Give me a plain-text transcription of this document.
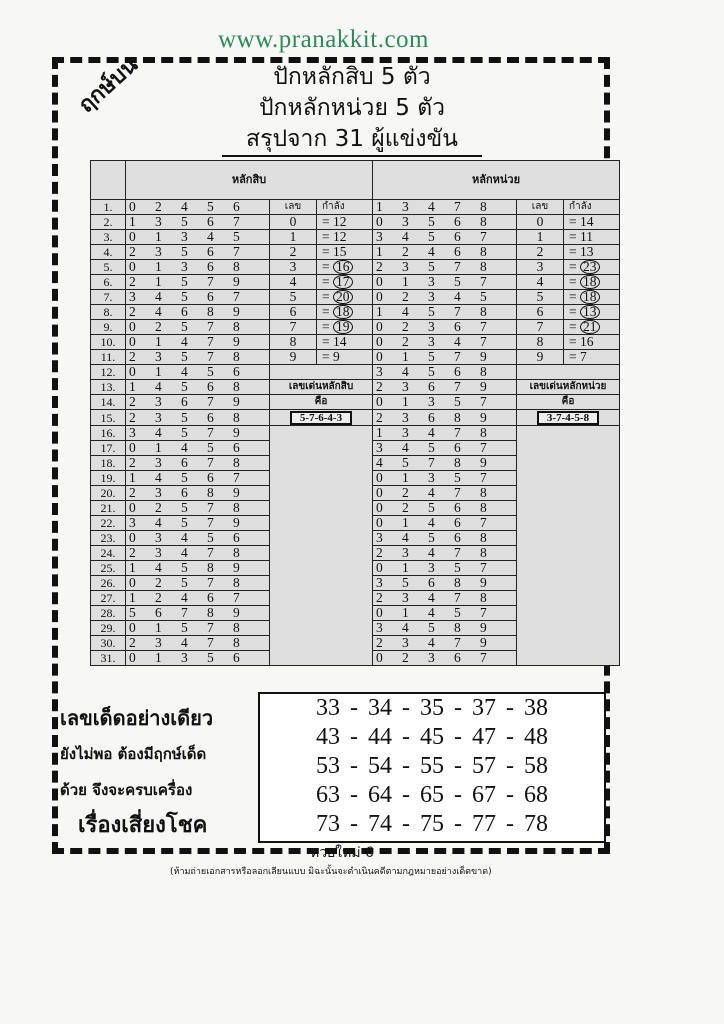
www.pranakkit.com
ฤกษ์บน	ปักหลักสิบ 5 ตัว
ปักหลักหน่วย 5 ตัว
สรุปจาก 31 ผู้แข่งขัน
	หลักสิบ			หลักหน่วย		
1.	0 2 4 5 6	เลข	กำลัง	1 3 4 7 8	เลข	กำลัง
2.	1 3 5 6 7	0	= 12	0 3 5 6 8	0	= 14
3.	0 1 3 4 5	1	= 12	3 4 5 6 7	1	= 11
4.	2 3 5 6 7	2	= 15	1 2 4 6 8	2	= 13
5.	0 1 3 6 8	3	= 16	2 3 5 7 8	3	= 23
6.	2 1 5 7 9	4	= 17	0 1 3 5 7	4	= 18
7.	3 4 5 6 7	5	= 20	0 2 3 4 5	5	= 18
8.	2 4 6 8 9	6	= 18	1 4 5 7 8	6	= 13
9.	0 2 5 7 8	7	= 19	0 2 3 6 7	7	= 21
10.	0 1 4 7 9	8	= 14	0 2 3 4 7	8	= 16
11.	2 3 5 7 8	9	= 9	0 1 5 7 9	9	= 7
12.	0 1 4 5 6			3 4 5 6 8		
13.	1 4 5 6 8	เลขเด่นหลักสิบ		2 3 6 7 9	เลขเด่นหลักหน่วย	
14.	2 3 6 7 9	คือ		0 1 3 5 7	คือ	
15.	2 3 5 6 8	5-7-6-4-3		2 3 6 8 9	3-7-4-5-8	
16.	3 4 5 7 9			1 3 4 7 8		
17.	0 1 4 5 6			3 4 5 6 7		
18.	2 3 6 7 8			4 5 7 8 9		
19.	1 4 5 6 7			0 1 3 5 7		
20.	2 3 6 8 9			0 2 4 7 8		
21.	0 2 5 7 8			0 2 5 6 8		
22.	3 4 5 7 9			0 1 4 6 7		
23.	0 3 4 5 6			3 4 5 6 8		
24.	2 3 4 7 8			2 3 4 7 8		
25.	1 4 5 8 9			0 1 3 5 7		
26.	0 2 5 7 8			3 5 6 8 9		
27.	1 2 4 6 7			2 3 4 7 8		
28.	5 6 7 8 9			0 1 4 5 7		
29.	0 1 5 7 8			3 4 5 8 9		
30.	2 3 4 7 8			2 3 4 7 9		
31.	0 1 3 5 6			0 2 3 6 7		
เลขเด็ดอย่างเดียว
ยังไม่พอ ต้องมีฤกษ์เด็ด
ด้วย จึงจะครบเครื่อง
เรื่องเสี่ยงโชค
33 - 34 - 35 - 37 - 38
43 - 44 - 45 - 47 - 48
53 - 54 - 55 - 57 - 58
63 - 64 - 65 - 67 - 68
73 - 74 - 75 - 77 - 78
หวยใหม่ 6
(ห้ามถ่ายเอกสารหรือลอกเลียนแบบ มิฉะนั้นจะดำเนินคดีตามกฎหมายอย่างเด็ดขาด)
